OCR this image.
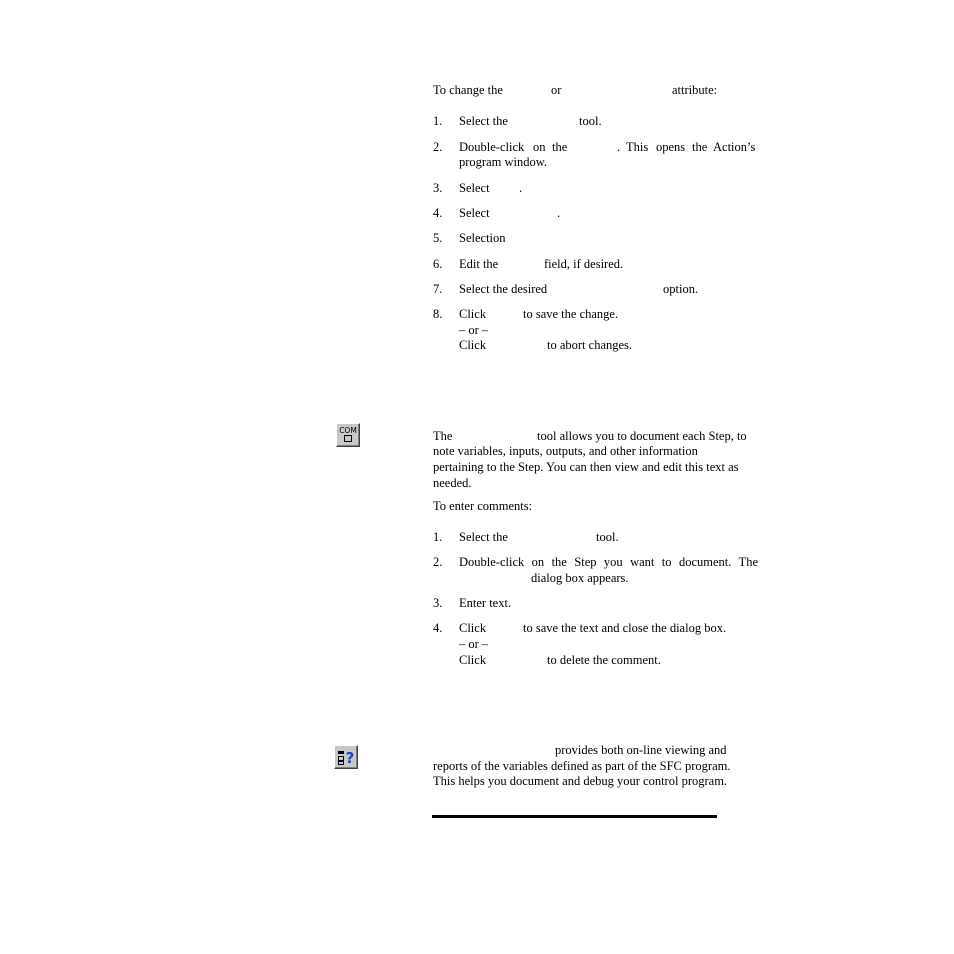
To change the	or	attribute:
1.	Select the	tool.
2.	Double-click on the	. This opens the Action’s
program window.
3.	Select .
4.	Select	.
5.	Selection
6.	Edit the	field, if desired.
7.	Select the desired	option.
8.	Click	to save the change.
– or –
Click	to abort changes.
COM	The	tool allows you to document each Step, to
note variables, inputs, outputs, and other information
pertaining to the Step. You can then view and edit this text as
needed.
To enter comments:
1.	Select the	tool.
2.	Double-click on the Step you want to document. The
dialog box appears.
3.	Enter text.
4.	Click	to save the text and close the dialog box.
– or –
Click	to delete the comment.
?	provides both on-line viewing and
reports of the variables defined as part of the SFC program.
This helps you document and debug your control program.
